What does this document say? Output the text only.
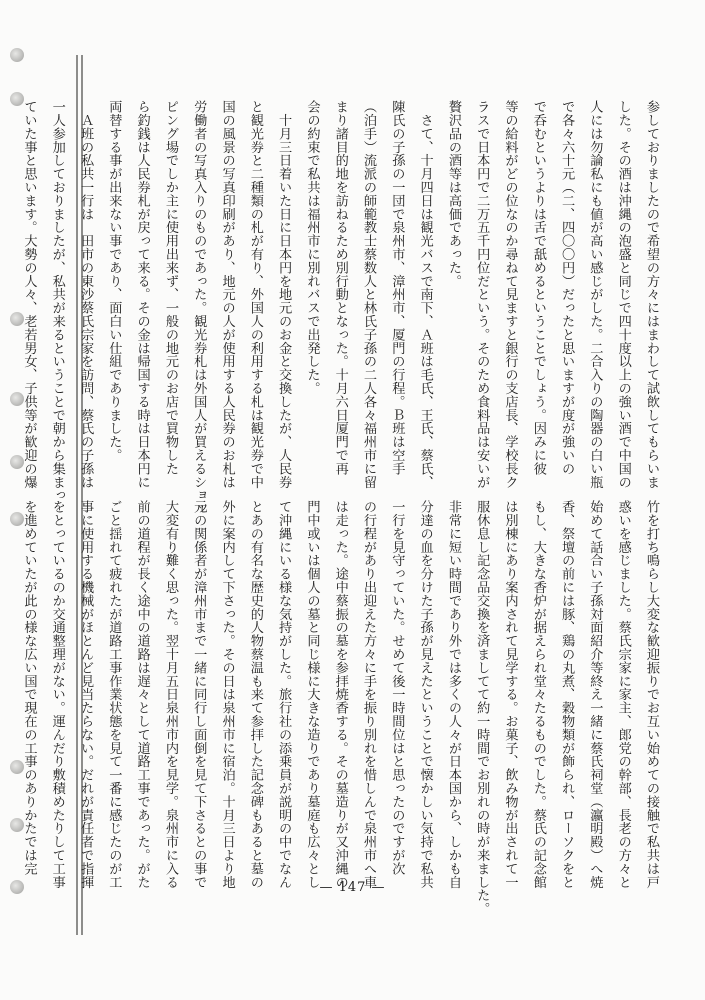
参しておりましたので希望の方々にはまわして試飲してもらいま
した。その酒は沖縄の泡盛と同じで四十度以上の強い酒で中国の
人には勿論私にも値が高い感じがした。二合入りの陶器の白い瓶
で各々六十元（二、四〇〇円）だったと思いますが度が強いの
で呑むというよりは舌で舐めるということでしょう。因みに彼
等の給料がどの位なのか尋ねて見ますと銀行の支店長、学校長ク
ラスで日本円で二万五千円位だという。そのため食料品は安いが
贅沢品の酒等は高価であった。
　さて、十月四日は観光バスで南下、Ａ班は毛氏、王氏、蔡氏、
陳氏の子孫の一団で泉州市、漳州市、厦門の行程。Ｂ班は空手
（泊手）流派の師範教士蔡数人と林氏子孫の二人各々福州市に留
まり諸目的地を訪ねるため別行動となった。十月六日厦門で再
会の約束で私共は福州市に別れバスで出発した。
　十月三日着いた日に日本円を地元のお金と交換したが、人民券
と観光券と二種類の札が有り、外国人の利用する札は観光券で中
国の風景の写真印刷があり、地元の人が使用する人民券のお札は
労働者の写真入りのものであった。観光券札は外国人が買えるショッ
ピング場でしか主に使用出来ず、一般の地元のお店で買物した
ら釣銭は人民券札が戻って来る。その金は帰国する時は日本円に
両替する事が出来ない事であり、面白い仕組でありました。
　Ａ班の私共一行は　田市の東沙蔡氏宗家を訪問、蔡氏の子孫は
一人参加しておりましたが、私共が来るということで朝から集まっ
ていた事と思います。大勢の人々、老若男女、子供等が歓迎の爆
竹を打ち鳴らし大変な歓迎振りでお互い始めての接触で私共は戸
惑いを感じました。蔡氏宗家に家主、郎党の幹部、長老の方々と
始めて話合い子孫対面紹介等終え一緒に蔡氏祠堂（瀛明殿）へ焼
香、祭壇の前には豚、鶏の丸煮、穀物類が飾られ、ローソクをと
もし、大きな香炉が据えられ堂々たるものでした。蔡氏の記念館
は別棟にあり案内されて見学する。お菓子、飲み物が出されて一
服休息し記念品交換を済ましてて約一時間でお別れの時が来ました。
非常に短い時間であり外では多くの人々が日本国から、しかも自
分達の血を分けた子孫が見えたということで懐かしい気持で私共
一行を見守っていた。せめて後一時間位はと思ったのですが次
の行程があり出迎えた方々に手を振り別れを惜しんで泉州市へ車
は走った。途中蔡振の墓を参拝焼香する。その墓造りが又沖縄の
門中或いは個人の墓と同じ様に大きな造りであり墓庭も広々とし
て沖縄にいる様な気持がした。旅行社の添乗員が説明の中でなん
とあの有名な歴史的人物蔡温も来て参拝した記念碑もあると墓の
外に案内して下さった。その日は泉州市に宿泊。十月三日より地
元の関係者が漳州市まで一緒に同行し面倒を見て下さるとの事で
大変有り難く思った。翌十月五日泉州市内を見学。泉州市に入る
前の道程が長く途中の道路は遅々として道路工事であった。がた
ごと揺れて疲れたが道路工事作業状態を見て一番に感じたのが工
事に使用する機械がほとんど見当たらない。だれが責任者で指揮
をとっているのか交通整理がない。運んだり敷積めたりして工事
を進めていたが此の様な広い国で現在の工事のありかたでは完
— 147 —
